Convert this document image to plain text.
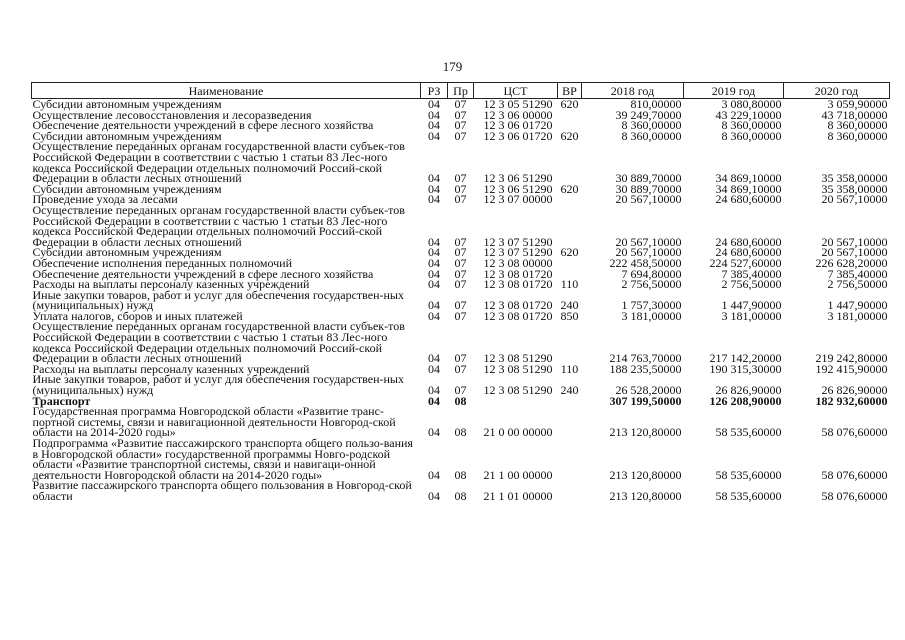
179
Наименование	РЗ	Пр	ЦСТ	ВР	2018 год	2019 год	2020 год
Субсидии автономным учреждениям	04	07	12 3 05 51290	620	810,00000	3 080,80000	3 059,90000
Осуществление лесовосстановления и лесоразведения	04	07	12 3 06 00000		39 249,70000	43 229,10000	43 718,00000
Обеспечение деятельности учреждений в сфере лесного хозяйства	04	07	12 3 06 01720		8 360,00000	8 360,00000	8 360,00000
Субсидии автономным учреждениям	04	07	12 3 06 01720	620	8 360,00000	8 360,00000	8 360,00000
Осуществление переданных органам государственной власти субъек-тов Российской Федерации в соответствии с частью 1 статьи 83 Лес-ного кодекса Российской Федерации отдельных полномочий Россий-ской Федерации в области лесных отношений	04	07	12 3 06 51290		30 889,70000	34 869,10000	35 358,00000
Субсидии автономным учреждениям	04	07	12 3 06 51290	620	30 889,70000	34 869,10000	35 358,00000
Проведение ухода за лесами	04	07	12 3 07 00000		20 567,10000	24 680,60000	20 567,10000
Осуществление переданных органам государственной власти субъек-тов Российской Федерации в соответствии с частью 1 статьи 83 Лес-ного кодекса Российской Федерации отдельных полномочий Россий-ской Федерации в области лесных отношений	04	07	12 3 07 51290		20 567,10000	24 680,60000	20 567,10000
Субсидии автономным учреждениям	04	07	12 3 07 51290	620	20 567,10000	24 680,60000	20 567,10000
Обеспечение исполнения переданных полномочий	04	07	12 3 08 00000		222 458,50000	224 527,60000	226 628,20000
Обеспечение деятельности учреждений в сфере лесного хозяйства	04	07	12 3 08 01720		7 694,80000	7 385,40000	7 385,40000
Расходы на выплаты персоналу казенных учреждений	04	07	12 3 08 01720	110	2 756,50000	2 756,50000	2 756,50000
Иные закупки товаров, работ и услуг для обеспечения государствен-ных (муниципальных) нужд	04	07	12 3 08 01720	240	1 757,30000	1 447,90000	1 447,90000
Уплата налогов, сборов и иных платежей	04	07	12 3 08 01720	850	3 181,00000	3 181,00000	3 181,00000
Осуществление переданных органам государственной власти субъек-тов Российской Федерации в соответствии с частью 1 статьи 83 Лес-ного кодекса Российской Федерации отдельных полномочий Россий-ской Федерации в области лесных отношений	04	07	12 3 08 51290		214 763,70000	217 142,20000	219 242,80000
Расходы на выплаты персоналу казенных учреждений	04	07	12 3 08 51290	110	188 235,50000	190 315,30000	192 415,90000
Иные закупки товаров, работ и услуг для обеспечения государствен-ных (муниципальных) нужд	04	07	12 3 08 51290	240	26 528,20000	26 826,90000	26 826,90000
Транспорт	04	08			307 199,50000	126 208,90000	182 932,60000
Государственная программа Новгородской области «Развитие транс-портной системы, связи и навигационной деятельности Новгород-ской области на 2014-2020 годы»	04	08	21 0 00 00000		213 120,80000	58 535,60000	58 076,60000
Подпрограмма «Развитие пассажирского транспорта общего пользо-вания в Новгородской области» государственной программы Новго-родской области «Развитие транспортной системы, связи и навигаци-онной деятельности Новгородской области на 2014-2020 годы»	04	08	21 1 00 00000		213 120,80000	58 535,60000	58 076,60000
Развитие пассажирского транспорта общего пользования в Новгород-ской области	04	08	21 1 01 00000		213 120,80000	58 535,60000	58 076,60000
